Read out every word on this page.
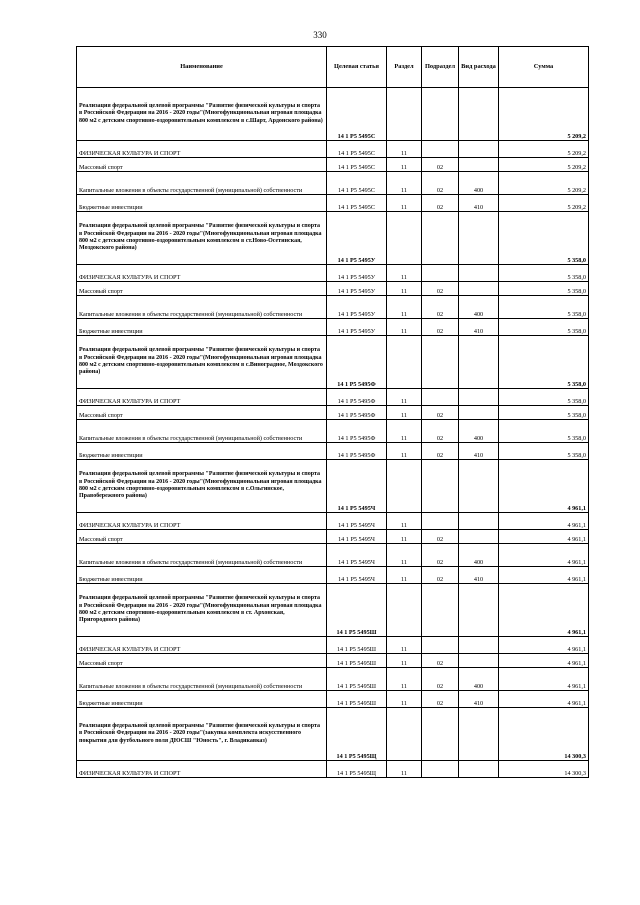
330
Наименование	Целевая статья	Раздел	Подраздел	Вид расхода	Сумма
Реализация федеральной целевой программы "Развитие физической культуры и спорта в Российской Федерации на 2016 - 2020 годы"(Многофункциональная игровая площадка 800 м2 с детским спортивно-оздоровительным комплексом в с.Шарт, Ардонского района)	14 1 P5 5495C				5 209,2
ФИЗИЧЕСКАЯ КУЛЬТУРА И СПОРТ	14 1 P5 5495C	11			5 209,2
Массовый спорт	14 1 P5 5495C	11	02		5 209,2
Капитальные вложения в объекты государственной (муниципальной) собственности	14 1 P5 5495C	11	02	400	5 209,2
Бюджетные инвестиции	14 1 P5 5495C	11	02	410	5 209,2
Реализация федеральной целевой программы "Развитие физической культуры и спорта в Российской Федерации на 2016 - 2020 годы"(Многофункциональная игровая площадка 800 м2 с детским спортивно-оздоровительным комплексом в ст.Ново-Осетинская, Моздокского района)	14 1 P5 5495У				5 358,0
ФИЗИЧЕСКАЯ КУЛЬТУРА И СПОРТ	14 1 P5 5495У	11			5 358,0
Массовый спорт	14 1 P5 5495У	11	02		5 358,0
Капитальные вложения в объекты государственной (муниципальной) собственности	14 1 P5 5495У	11	02	400	5 358,0
Бюджетные инвестиции	14 1 P5 5495У	11	02	410	5 358,0
Реализация федеральной целевой программы "Развитие физической культуры и спорта в Российской Федерации на 2016 - 2020 годы"(Многофункциональная игровая площадка 800 м2 с детским спортивно-оздоровительным комплексом в с.Виноградное, Моздокского района)	14 1 P5 5495Ф				5 358,0
ФИЗИЧЕСКАЯ КУЛЬТУРА И СПОРТ	14 1 P5 5495Ф	11			5 358,0
Массовый спорт	14 1 P5 5495Ф	11	02		5 358,0
Капитальные вложения в объекты государственной (муниципальной) собственности	14 1 P5 5495Ф	11	02	400	5 358,0
Бюджетные инвестиции	14 1 P5 5495Ф	11	02	410	5 358,0
Реализация федеральной целевой программы "Развитие физической культуры и спорта в Российской Федерации на 2016 - 2020 годы"(Многофункциональная игровая площадка 800 м2 с детским спортивно-оздоровительным комплексом в с.Ольгинское, Правобережного района)	14 1 P5 5495Ч				4 961,1
ФИЗИЧЕСКАЯ КУЛЬТУРА И СПОРТ	14 1 P5 5495Ч	11			4 961,1
Массовый спорт	14 1 P5 5495Ч	11	02		4 961,1
Капитальные вложения в объекты государственной (муниципальной) собственности	14 1 P5 5495Ч	11	02	400	4 961,1
Бюджетные инвестиции	14 1 P5 5495Ч	11	02	410	4 961,1
Реализация федеральной целевой программы "Развитие физической культуры и спорта в Российской Федерации на 2016 - 2020 годы"(Многофункциональная игровая площадка 800 м2 с детским спортивно-оздоровительным комплексом в ст. Архонская, Пригородного района)	14 1 P5 5495Ш				4 961,1
ФИЗИЧЕСКАЯ КУЛЬТУРА И СПОРТ	14 1 P5 5495Ш	11			4 961,1
Массовый спорт	14 1 P5 5495Ш	11	02		4 961,1
Капитальные вложения в объекты государственной (муниципальной) собственности	14 1 P5 5495Ш	11	02	400	4 961,1
Бюджетные инвестиции	14 1 P5 5495Ш	11	02	410	4 961,1
Реализация федеральной целевой программы "Развитие физической культуры и спорта в Российской Федерации на 2016 - 2020 годы"(закупка комплекта искусственного покрытия для футбольного поля ДЮСШ "Юность", г. Владикавказ)	14 1 P5 5495Щ				14 300,3
ФИЗИЧЕСКАЯ КУЛЬТУРА И СПОРТ	14 1 P5 5495Щ	11			14 300,3
